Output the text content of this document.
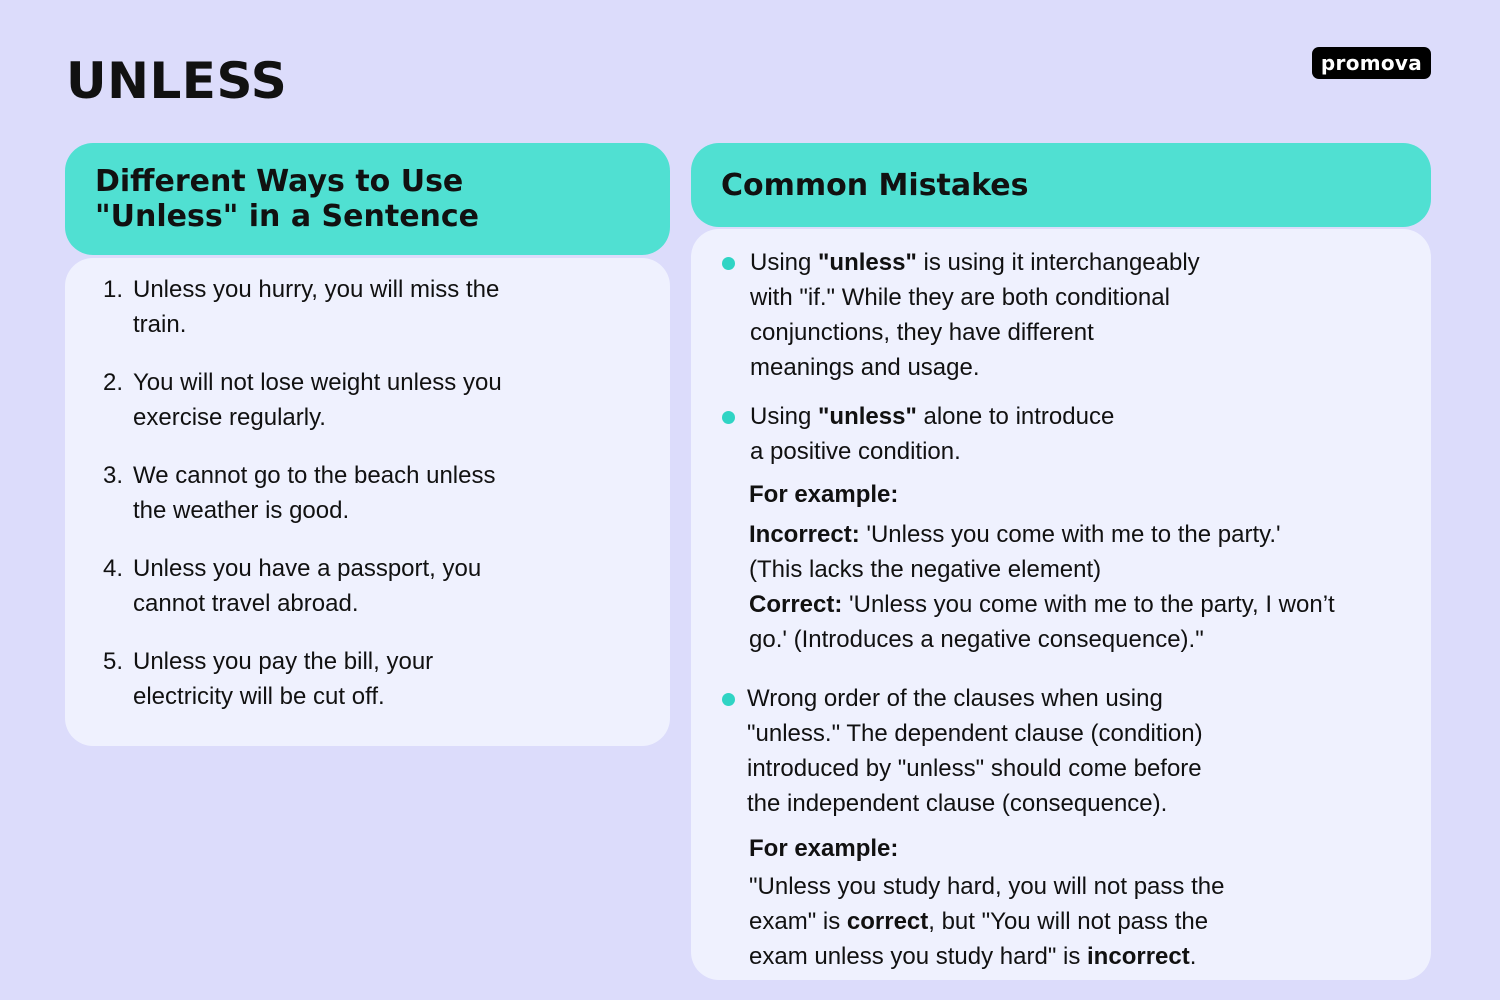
UNLESS	promova
Different Ways to Use
"Unless" in a Sentence
1. Unless you hurry, you will miss the
train.
2. You will not lose weight unless you
exercise regularly.
3. We cannot go to the beach unless
the weather is good.
4. Unless you have a passport, you
cannot travel abroad.
5. Unless you pay the bill, your
electricity will be cut off.
Common Mistakes
Using "unless" is using it interchangeably
with "if." While they are both conditional
conjunctions, they have different
meanings and usage.
Using "unless" alone to introduce
a positive condition.
For example:
Incorrect: 'Unless you come with me to the party.'
(This lacks the negative element)
Correct: 'Unless you come with me to the party, I won’t
go.' (Introduces a negative consequence)."
Wrong order of the clauses when using
"unless." The dependent clause (condition)
introduced by "unless" should come before
the independent clause (consequence).
For example:
"Unless you study hard, you will not pass the
exam" is correct, but "You will not pass the
exam unless you study hard" is incorrect.
